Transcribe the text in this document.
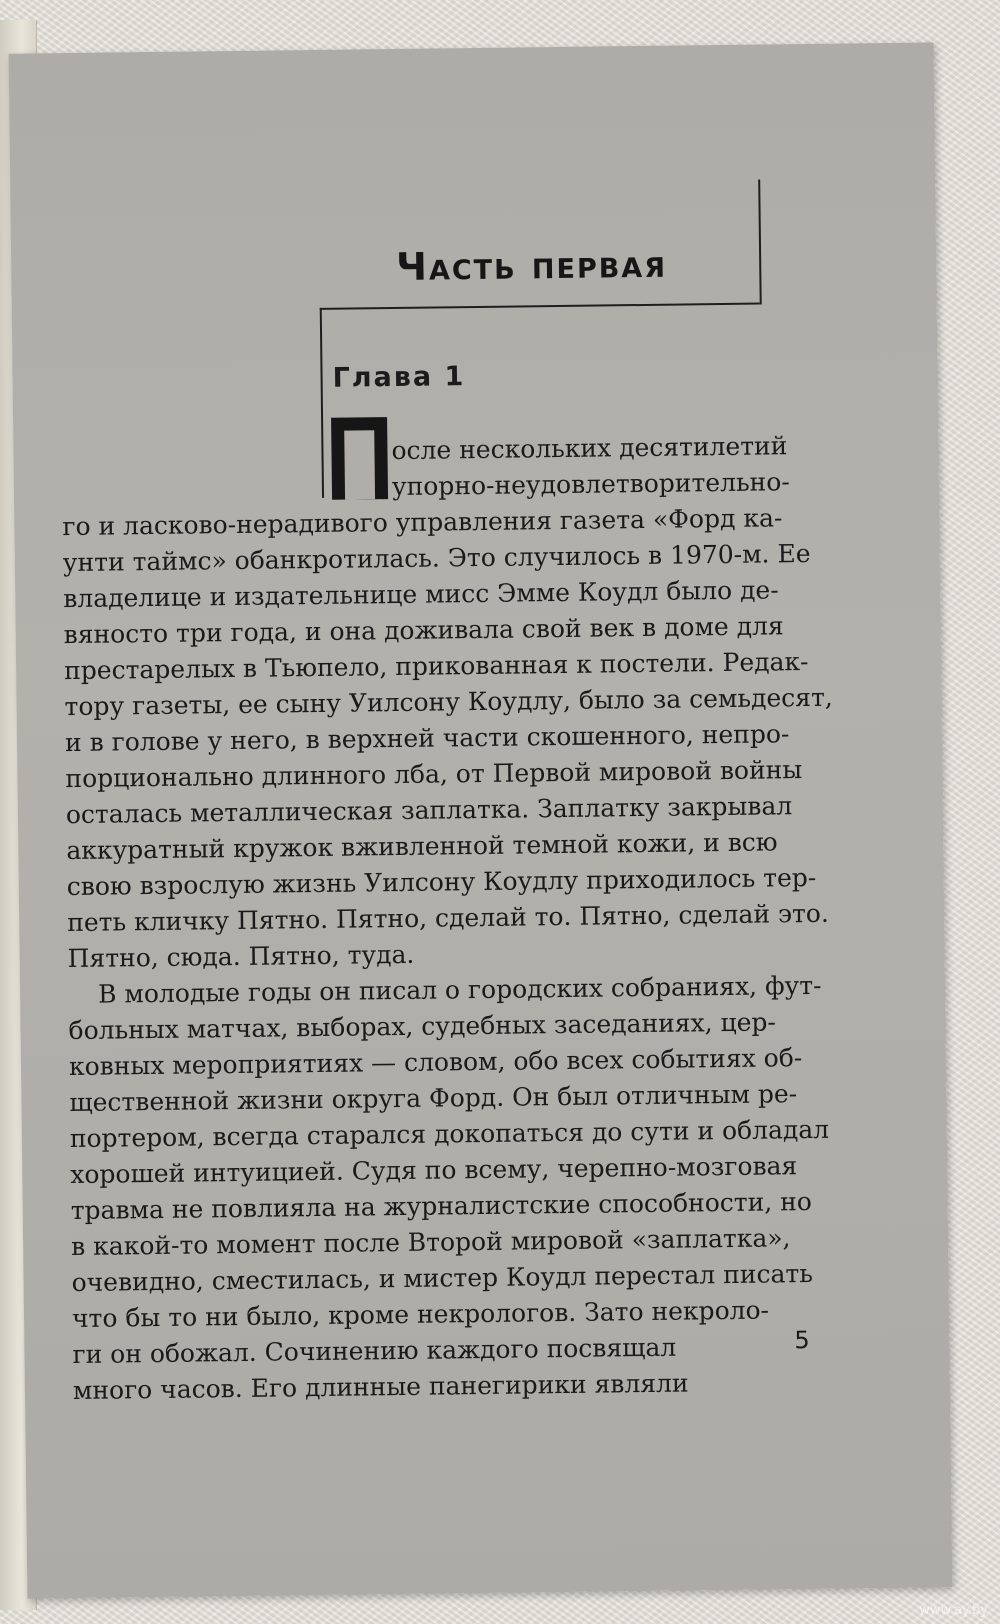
Часть первая
Глава 1
осле нескольких десятилетий
упорно-неудовлетворительно-
го и ласково-нерадивого управления газета «Форд ка-
унти таймс» обанкротилась. Это случилось в 1970-м. Ее
владелице и издательнице мисс Эмме Коудл было де-
вяносто три года, и она доживала свой век в доме для
престарелых в Тьюпело, прикованная к постели. Редак-
тору газеты, ее сыну Уилсону Коудлу, было за семьдесят,
и в голове у него, в верхней части скошенного, непро-
порционально длинного лба, от Первой мировой войны
осталась металлическая заплатка. Заплатку закрывал
аккуратный кружок вживленной темной кожи, и всю
свою взрослую жизнь Уилсону Коудлу приходилось тер-
петь кличку Пятно. Пятно, сделай то. Пятно, сделай это.
Пятно, сюда. Пятно, туда.
В молодые годы он писал о городских собраниях, фут-
больных матчах, выборах, судебных заседаниях, цер-
ковных мероприятиях — словом, обо всех событиях об-
щественной жизни округа Форд. Он был отличным ре-
портером, всегда старался докопаться до сути и обладал
хорошей интуицией. Судя по всему, черепно-мозговая
травма не повлияла на журналистские способности, но
в какой-то момент после Второй мировой «заплатка»,
очевидно, сместилась, и мистер Коудл перестал писать
что бы то ни было, кроме некрологов. Зато некроло-
ги он обожал. Сочинению каждого посвящал
много часов. Его длинные панегирики являли
5
www.ay.by
